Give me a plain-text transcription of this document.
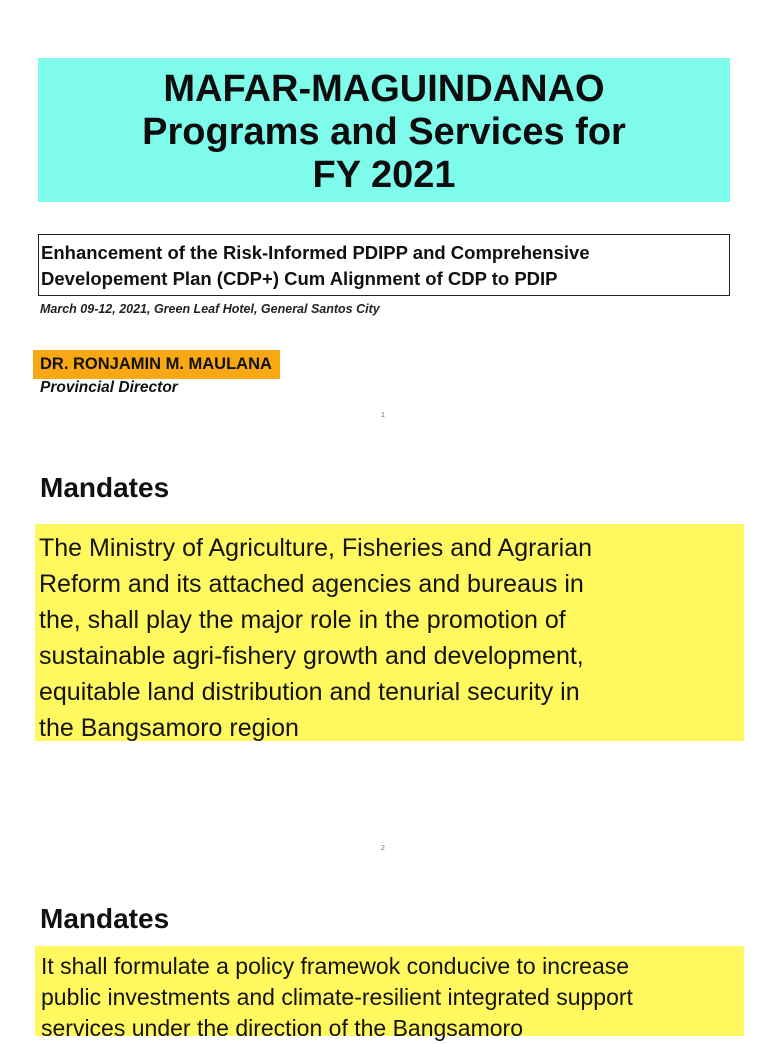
MAFAR-MAGUINDANAO
Programs and Services for
FY 2021
Enhancement of the Risk-Informed PDIPP and Comprehensive
Developement Plan (CDP+) Cum Alignment of CDP to PDIP
March 09-12, 2021, Green Leaf Hotel, General Santos City
DR. RONJAMIN M. MAULANA
Provincial Director
1
Mandates
The Ministry of Agriculture, Fisheries and Agrarian
Reform and its attached agencies and bureaus in
the, shall play the major role in the promotion of
sustainable agri-fishery growth and development,
equitable land distribution and tenurial security in
the Bangsamoro region
2
Mandates
It shall formulate a policy framewok conducive to increase
public investments and climate-resilient integrated support
services under the direction of the Bangsamoro
